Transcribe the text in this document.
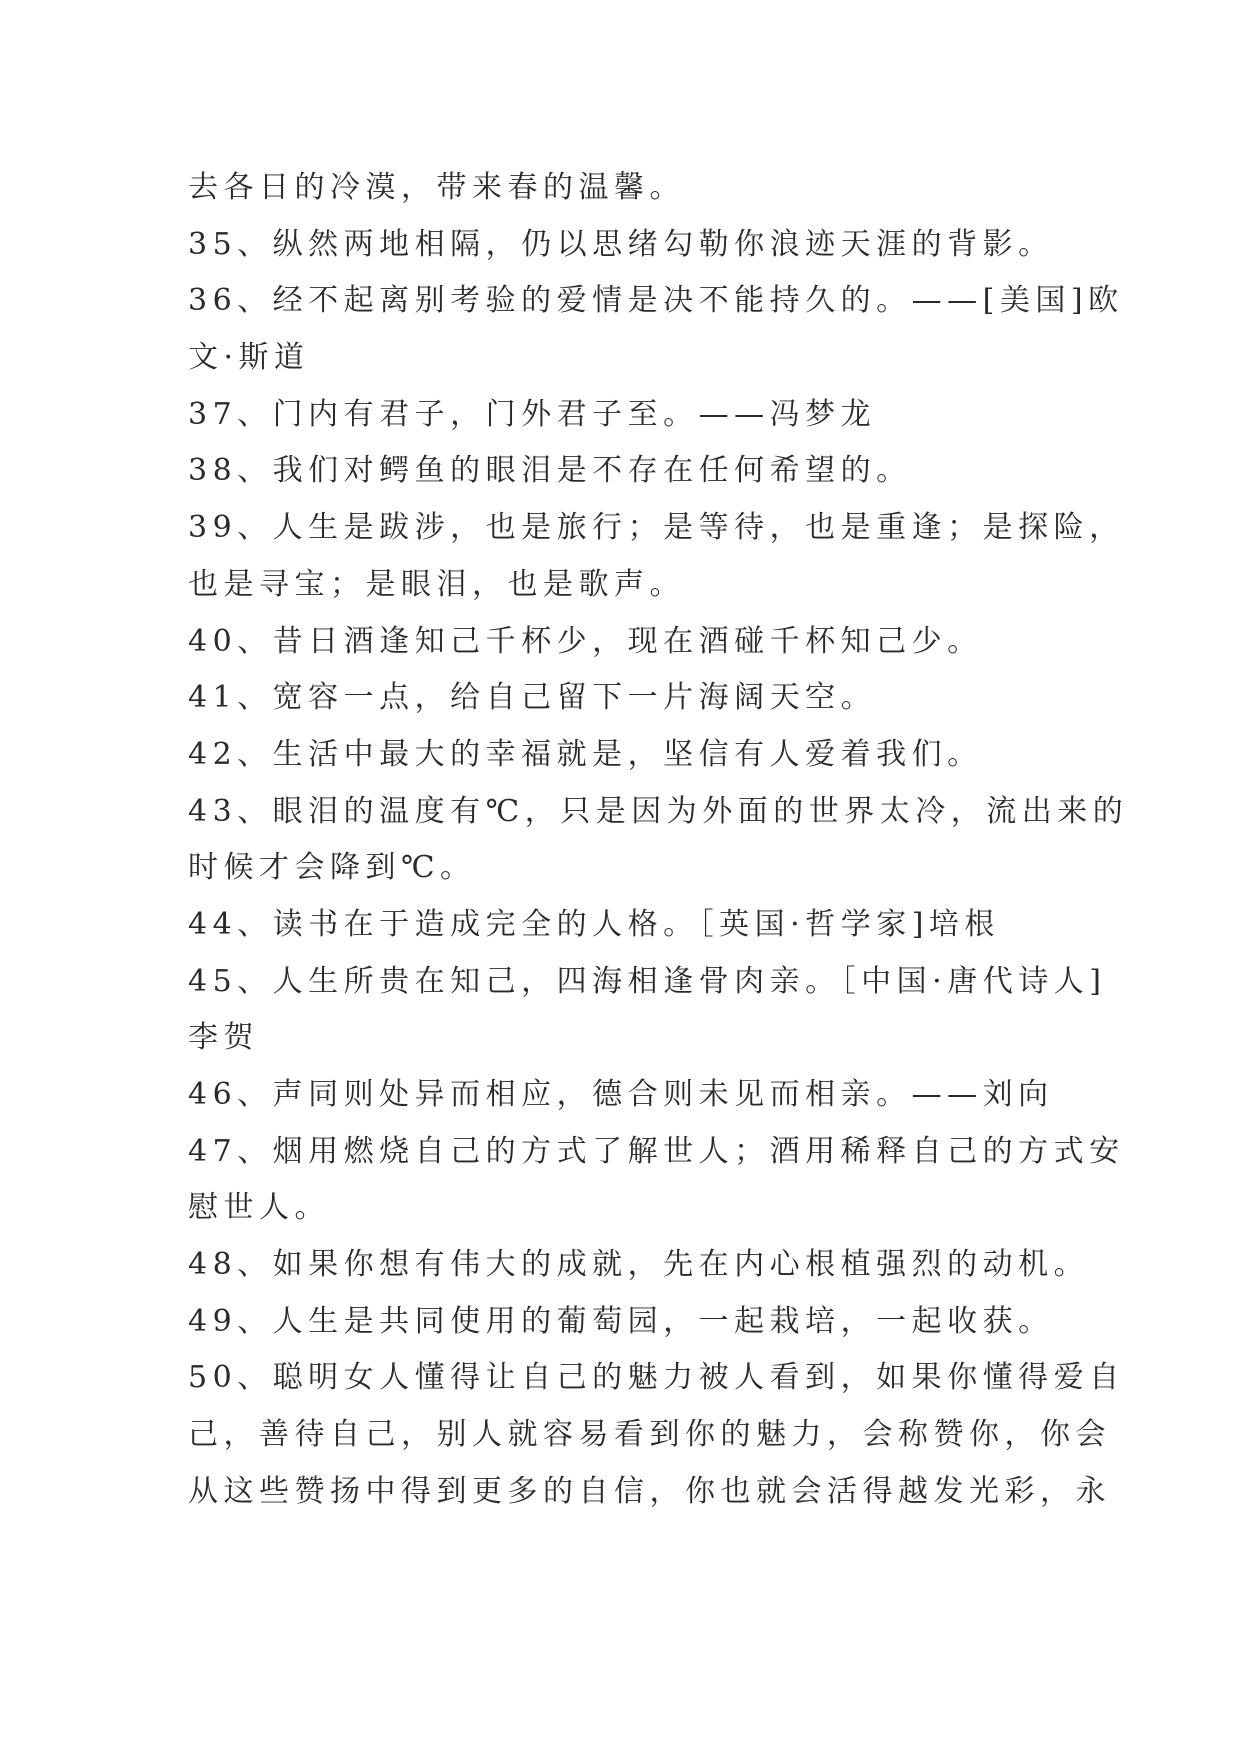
去各日的冷漠，带来春的温馨。
35、纵然两地相隔，仍以思绪勾勒你浪迹天涯的背影。
36、经不起离别考验的爱情是决不能持久的。——[美国]欧
文·斯道
37、门内有君子，门外君子至。——冯梦龙
38、我们对鳄鱼的眼泪是不存在任何希望的。
39、人生是跋涉，也是旅行；是等待，也是重逢；是探险，
也是寻宝；是眼泪，也是歌声。
40、昔日酒逢知己千杯少，现在酒碰千杯知己少。
41、宽容一点，给自己留下一片海阔天空。
42、生活中最大的幸福就是，坚信有人爱着我们。
43、眼泪的温度有℃，只是因为外面的世界太冷，流出来的
时候才会降到℃。
44、读书在于造成完全的人格。［英国·哲学家]培根
45、人生所贵在知己，四海相逢骨肉亲。［中国·唐代诗人]
李贺
46、声同则处异而相应，德合则未见而相亲。——刘向
47、烟用燃烧自己的方式了解世人；酒用稀释自己的方式安
慰世人。
48、如果你想有伟大的成就，先在内心根植强烈的动机。
49、人生是共同使用的葡萄园，一起栽培，一起收获。
50、聪明女人懂得让自己的魅力被人看到，如果你懂得爱自
己，善待自己，别人就容易看到你的魅力，会称赞你，你会
从这些赞扬中得到更多的自信，你也就会活得越发光彩，永
